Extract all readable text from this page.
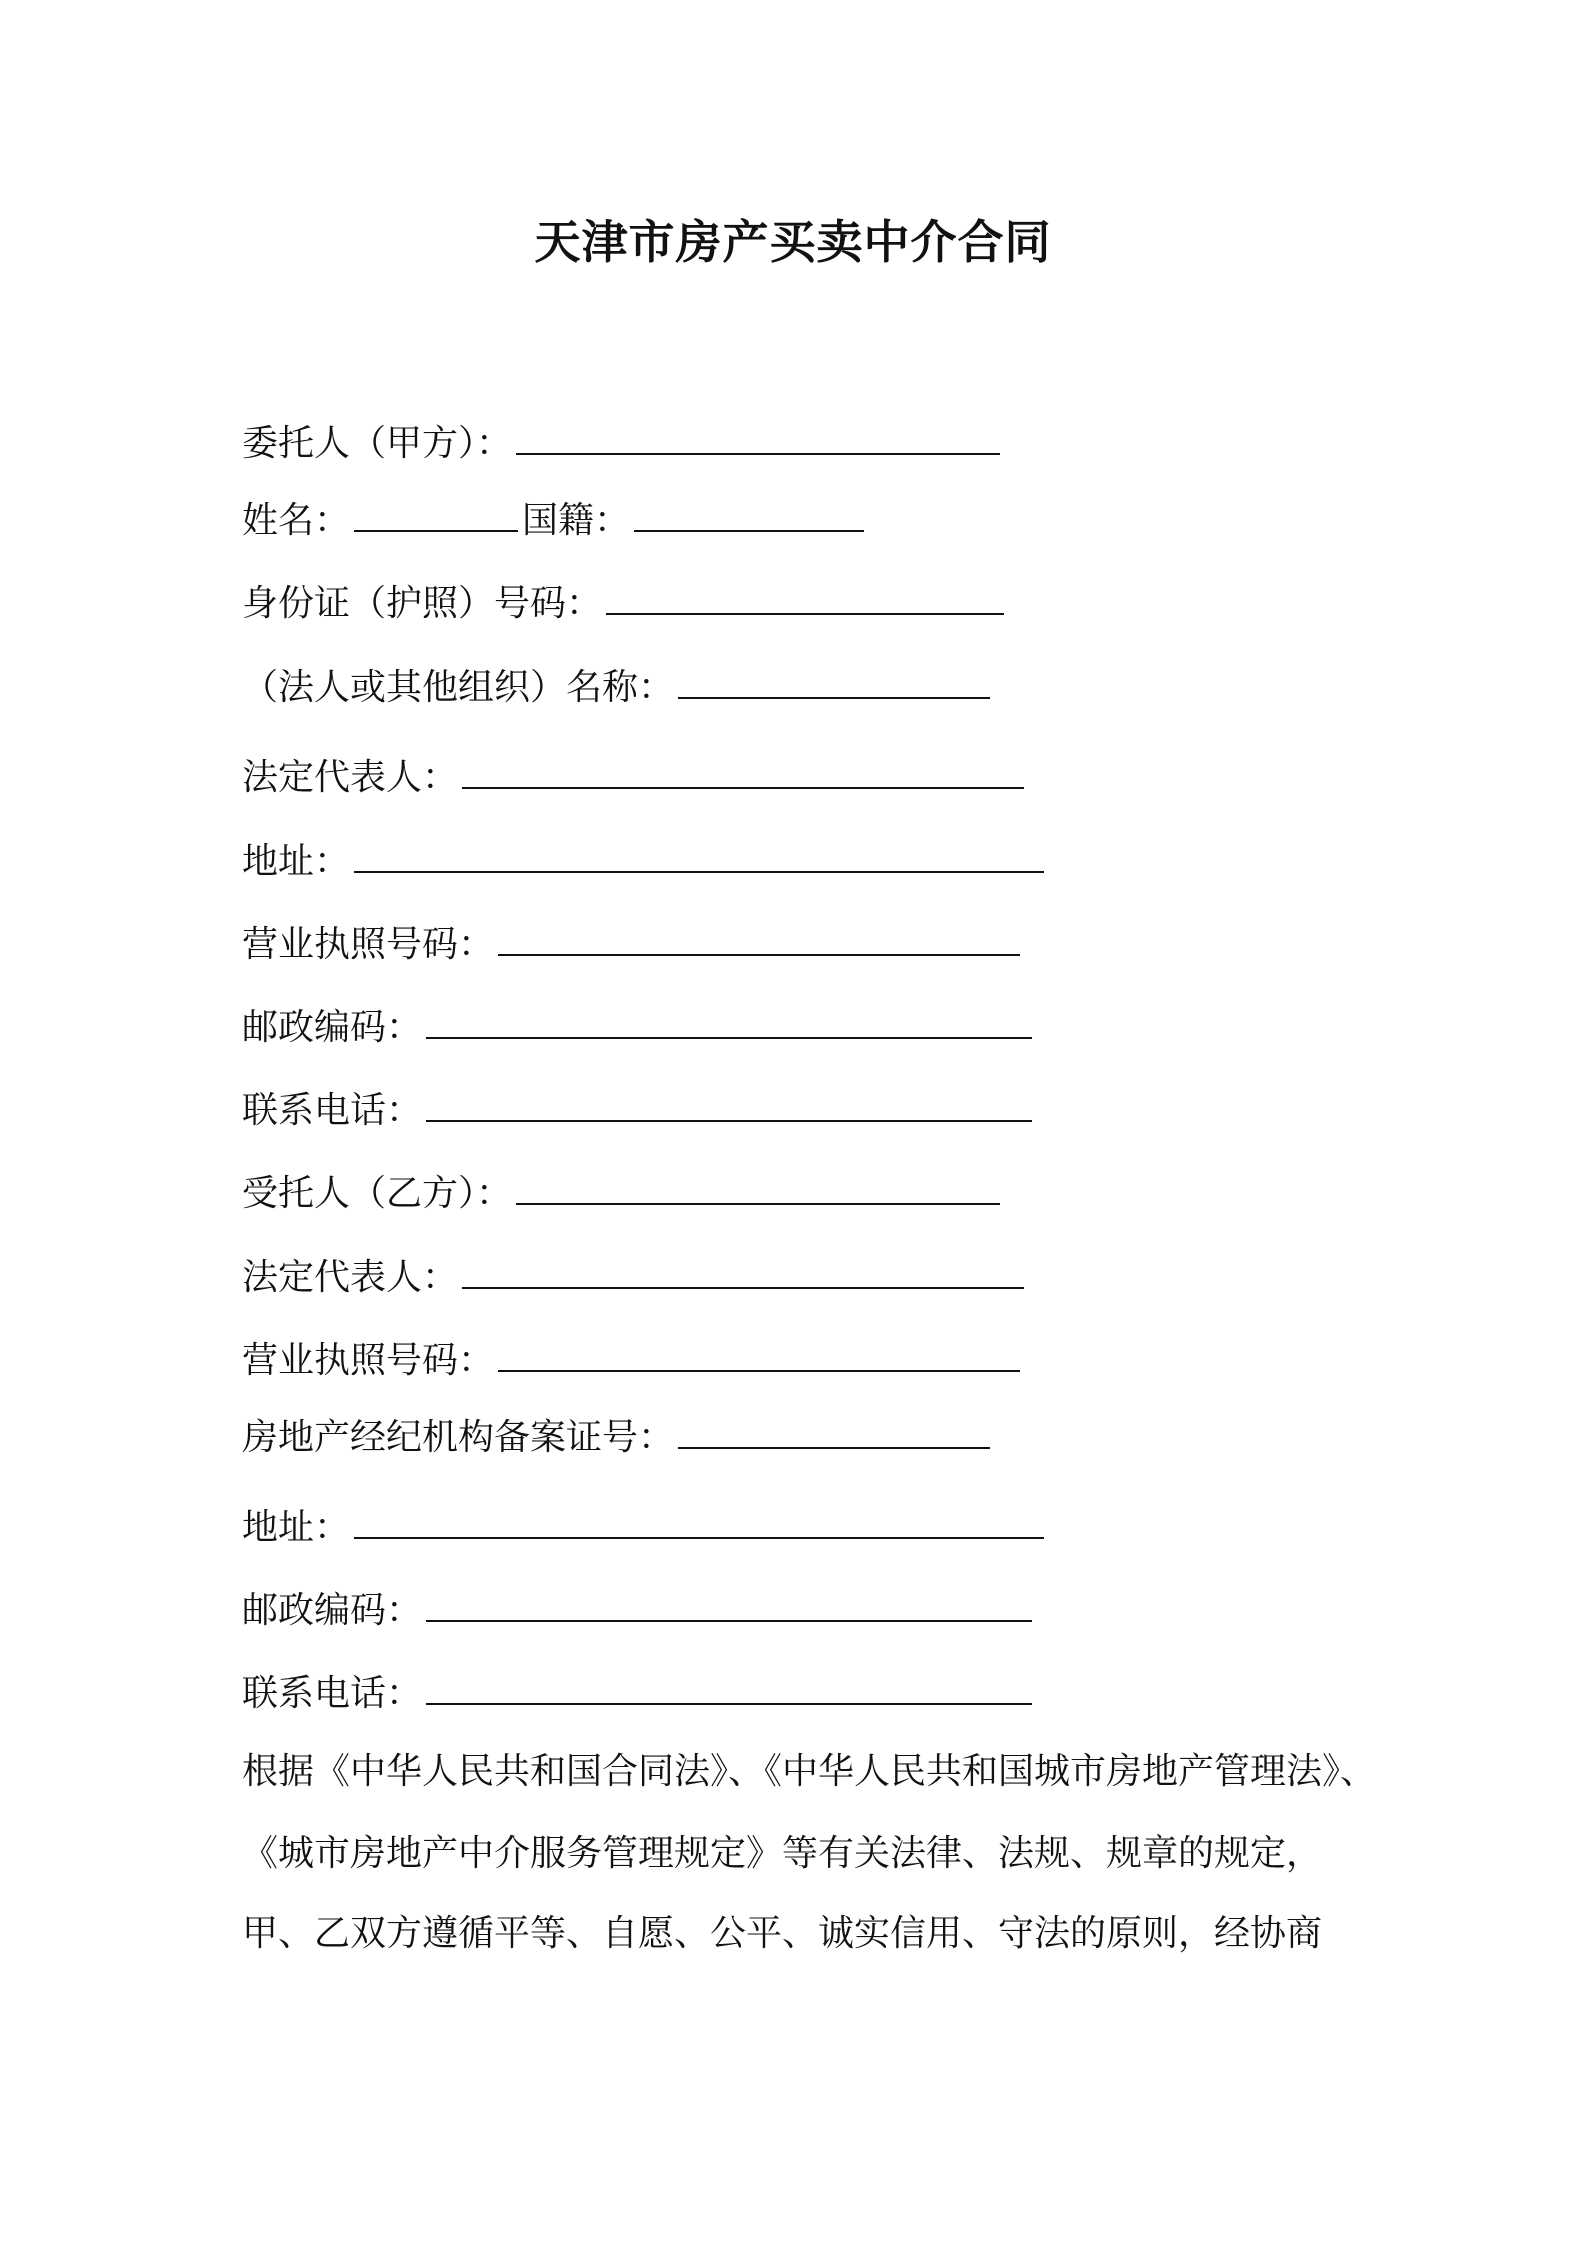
天津市房产买卖中介合同
委托人（甲方）：
姓名：	国籍：
身份证（护照）号码：
（法人或其他组织）名称：
法定代表人：
地址：
营业执照号码：
邮政编码：
联系电话：
受托人（乙方）：
法定代表人：
营业执照号码：
房地产经纪机构备案证号：
地址：
邮政编码：
联系电话：
根据《中华人民共和国合同法》、《中华人民共和国城市房地产管理法》、
《城市房地产中介服务管理规定》等有关法律、法规、规章的规定，
甲、乙双方遵循平等、自愿、公平、诚实信用、守法的原则，经协商
